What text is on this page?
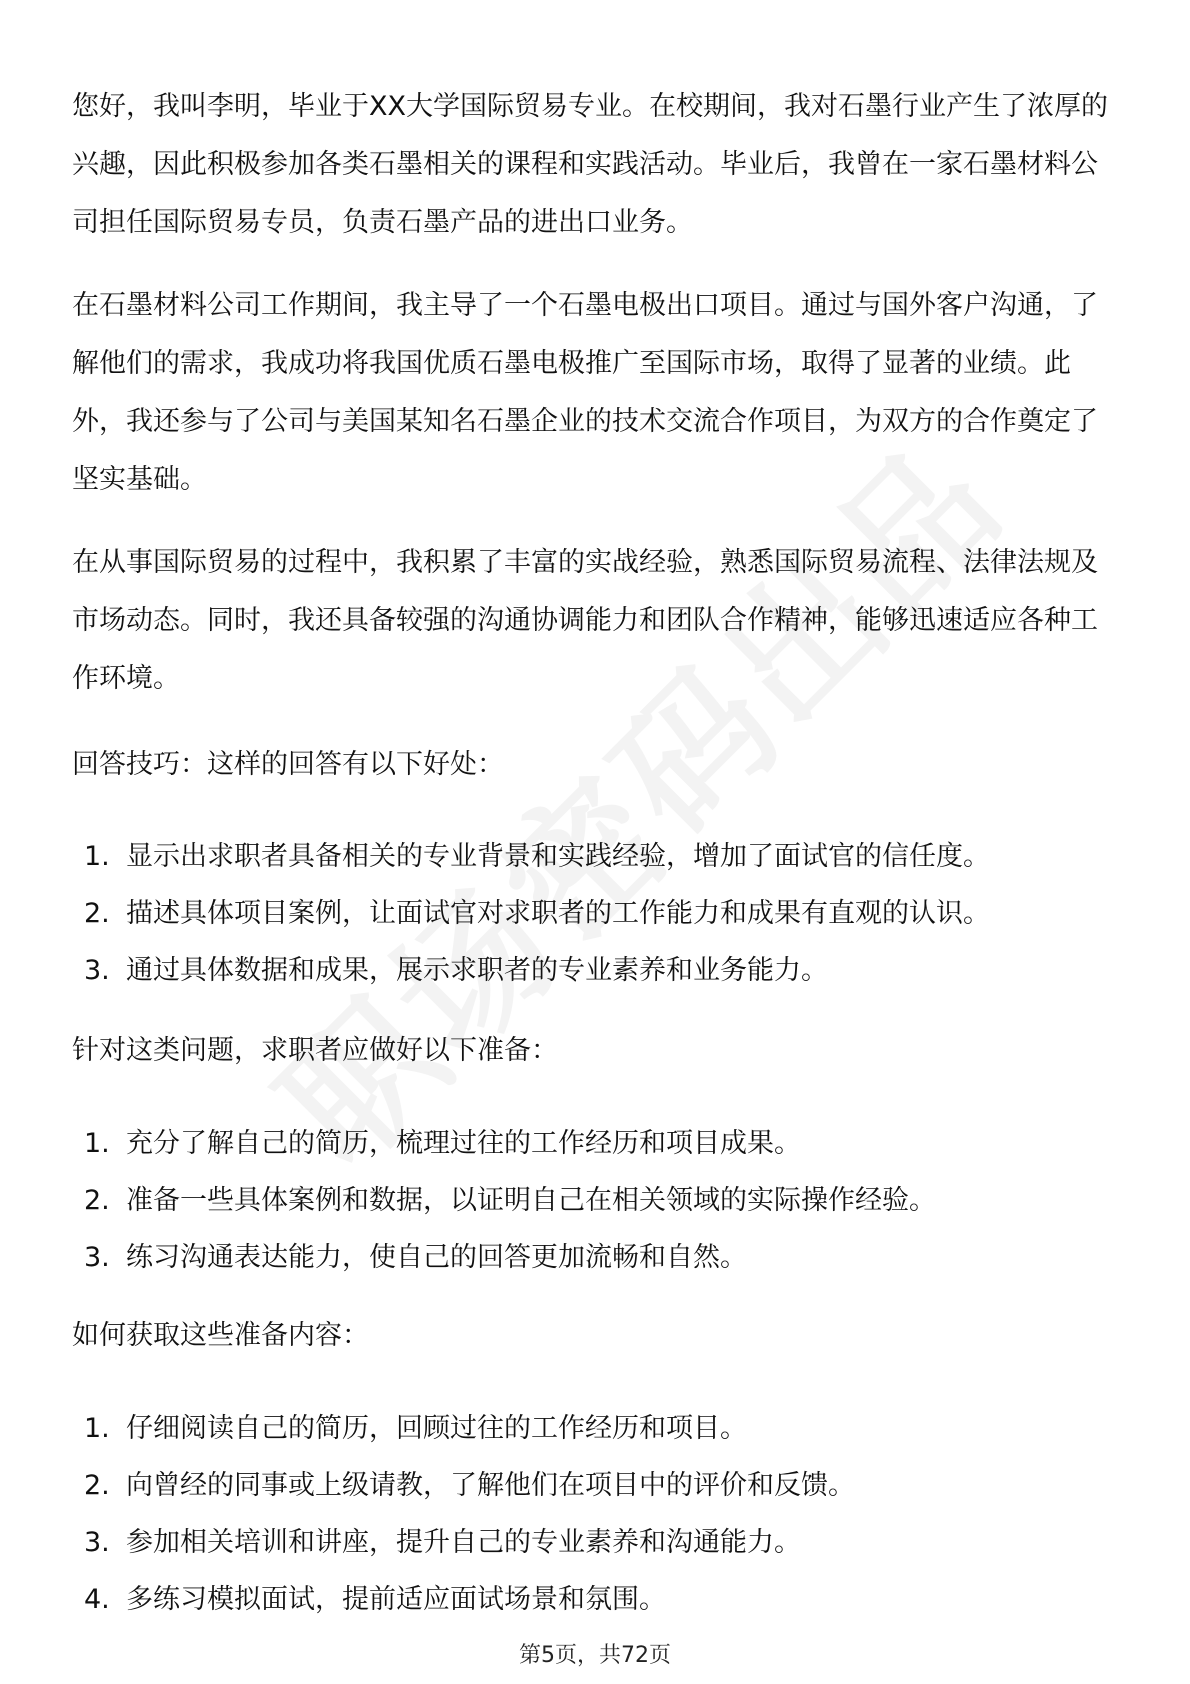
您好，我叫李明，毕业于XX大学国际贸易专业。在校期间，我对石墨行业产生了浓厚的兴趣，因此积极参加各类石墨相关的课程和实践活动。毕业后，我曾在一家石墨材料公司担任国际贸易专员，负责石墨产品的进出口业务。

在石墨材料公司工作期间，我主导了一个石墨电极出口项目。通过与国外客户沟通，了解他们的需求，我成功将我国优质石墨电极推广至国际市场，取得了显著的业绩。此外，我还参与了公司与美国某知名石墨企业的技术交流合作项目，为双方的合作奠定了坚实基础。

在从事国际贸易的过程中，我积累了丰富的实战经验，熟悉国际贸易流程、法律法规及市场动态。同时，我还具备较强的沟通协调能力和团队合作精神，能够迅速适应各种工作环境。

回答技巧：这样的回答有以下好处：

1. 显示出求职者具备相关的专业背景和实践经验，增加了面试官的信任度。
2. 描述具体项目案例，让面试官对求职者的工作能力和成果有直观的认识。
3. 通过具体数据和成果，展示求职者的专业素养和业务能力。

针对这类问题，求职者应做好以下准备：

1. 充分了解自己的简历，梳理过往的工作经历和项目成果。
2. 准备一些具体案例和数据，以证明自己在相关领域的实际操作经验。
3. 练习沟通表达能力，使自己的回答更加流畅和自然。

如何获取这些准备内容：

1. 仔细阅读自己的简历，回顾过往的工作经历和项目。
2. 向曾经的同事或上级请教，了解他们在项目中的评价和反馈。
3. 参加相关培训和讲座，提升自己的专业素养和沟通能力。
4. 多练习模拟面试，提前适应面试场景和氛围。
第5页，共72页
